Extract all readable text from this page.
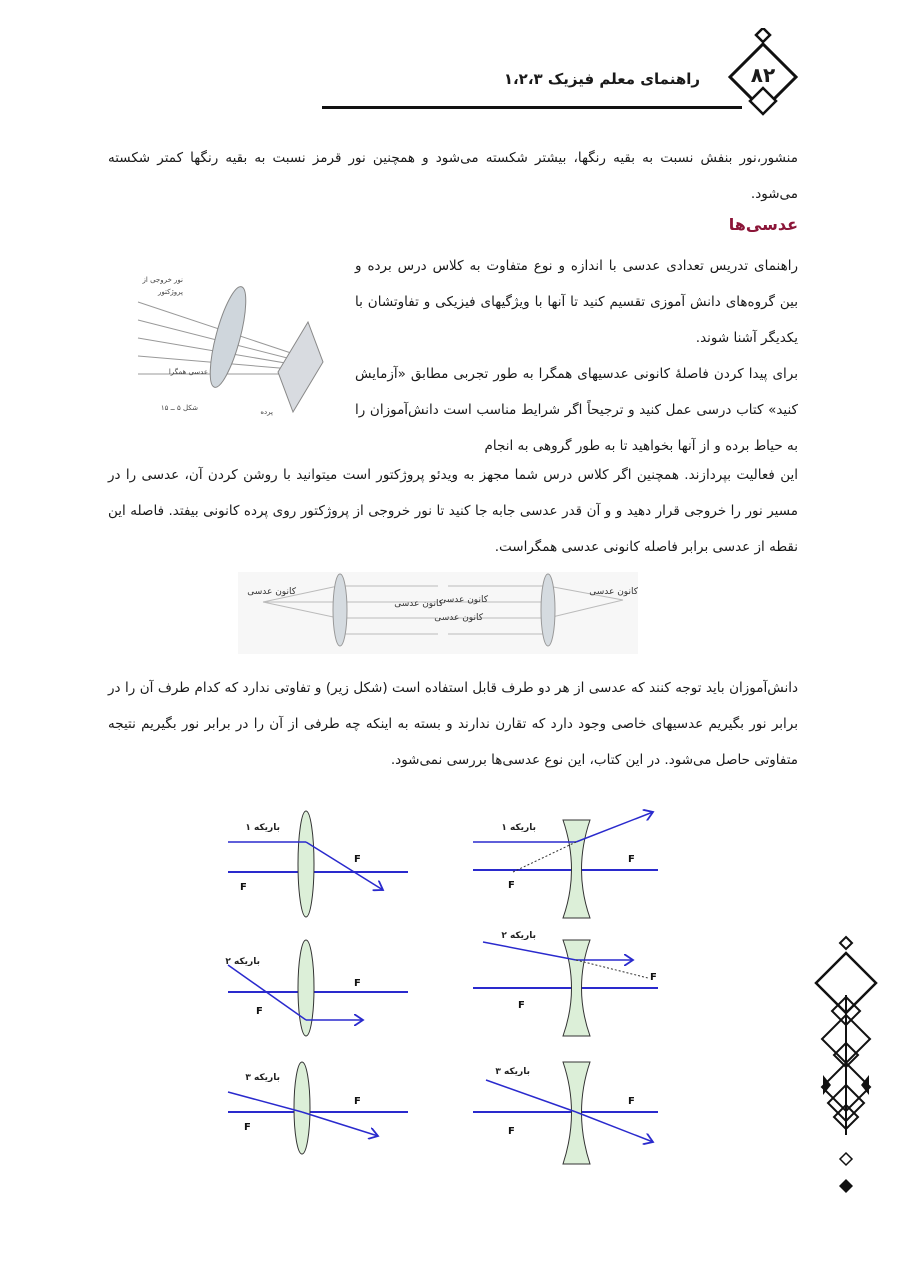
راهنمای معلم فیزیک ۱،۲،۳	۸۲
منشور،نور بنفش نسبت به بقیه رنگها، بیشتر شکسته می‌شود و همچنین نور قرمز نسبت به بقیه رنگها کمتر شکسته می‌شود.
عدسی‌ها
نور خروجی از
پروژکتور
عدسی همگرا
پرده
شکل ۵ ــ ۱۵
راهنمای تدریس تعدادی عدسی با اندازه و نوع متفاوت به کلاس درس برده و بین گروه‌های دانش آموزی تقسیم کنید تا آنها با ویژگیهای فیزیکی و تفاوتشان با یکدیگر آشنا شوند.
برای پیدا کردن فاصلهٔ کانونی عدسیهای همگرا به طور تجربی مطابق «آزمایش کنید» کتاب درسی عمل کنید و ترجیحاً اگر شرایط مناسب است دانش‌آموزان را به حیاط برده و از آنها بخواهید تا به طور گروهی به انجام
این فعالیت بپردازند. همچنین اگر کلاس درس شما مجهز به ویدئو پروژکتور است میتوانید با روشن کردن آن، عدسی را در مسیر نور را خروجی قرار دهید و و آن قدر عدسی جابه جا کنید تا نور خروجی از پروژکتور روی پرده کانونی بیفتد. فاصله این نقطه از عدسی برابر فاصله کانونی عدسی همگراست.
کانون عدسی
کانون عدسی
کانون عدسی
کانون عدسی
کانون عدسی
دانش‌آموزان باید توجه کنند که عدسی از هر دو طرف قابل استفاده است (شکل زیر) و تفاوتی ندارد که کدام طرف آن را در برابر نور بگیریم عدسیهای خاصی وجود دارد که تقارن ندارند و بسته به اینکه چه طرفی از آن را در برابر نور بگیریم نتیجه متفاوتی حاصل می‌شود. در این کتاب، این نوع عدسی‌ها بررسی نمی‌شود.
باریکه ۱
F
F
باریکه ۱
F
F
باریکه ۲
F
F
باریکه ۲
F
F
باریکه ۳
F
F
باریکه ۳
F
F
